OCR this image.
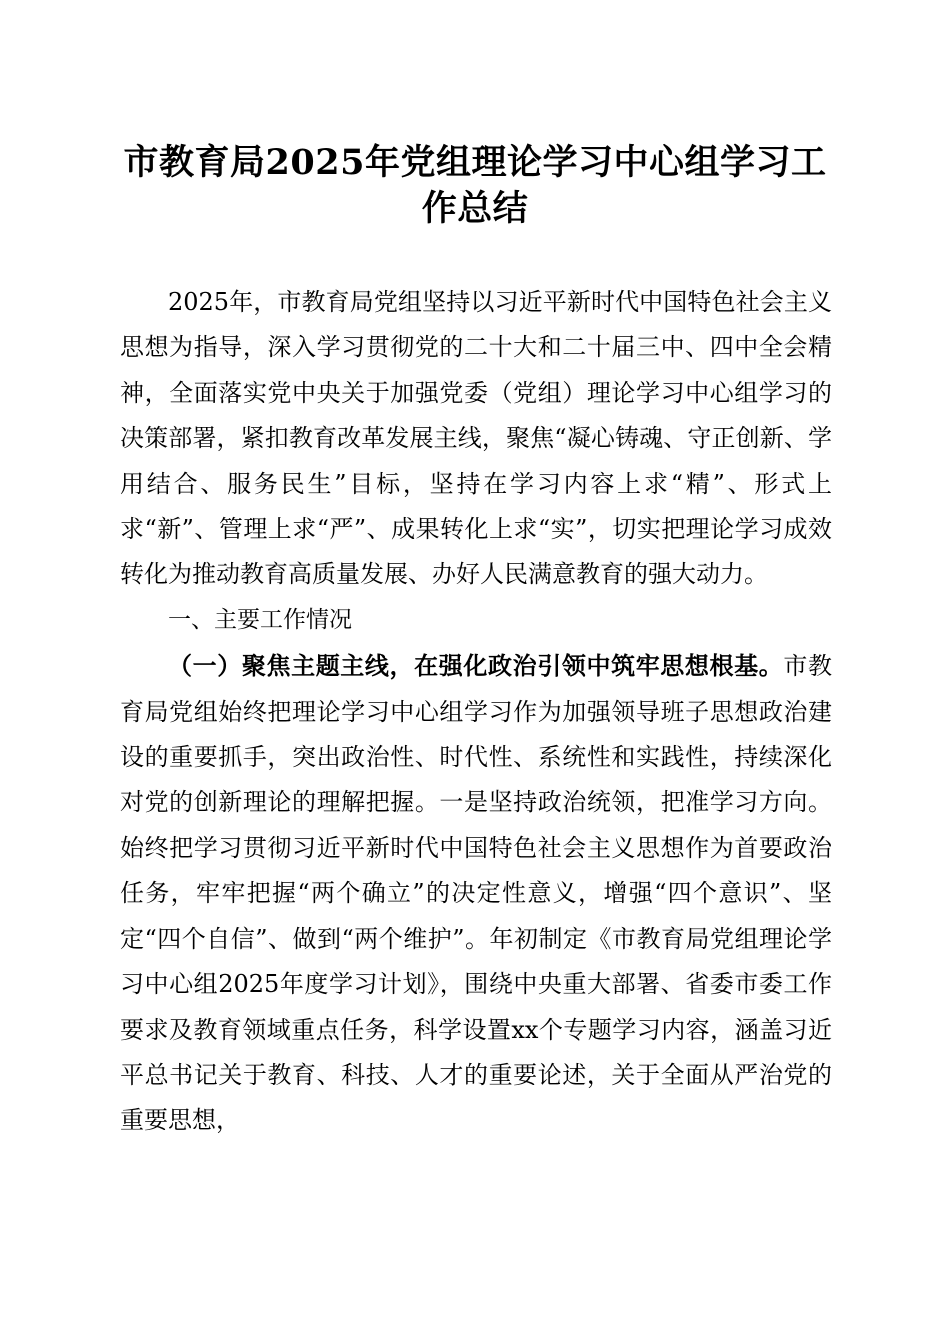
市教育局2025年党组理论学习中心组学习工作总结

2025年，市教育局党组坚持以习近平新时代中国特色社会主义思想为指导，深入学习贯彻党的二十大和二十届三中、四中全会精神，全面落实党中央关于加强党委（党组）理论学习中心组学习的决策部署，紧扣教育改革发展主线，聚焦“凝心铸魂、守正创新、学用结合、服务民生”目标，坚持在学习内容上求“精”、形式上求“新”、管理上求“严”、成果转化上求“实”，切实把理论学习成效转化为推动教育高质量发展、办好人民满意教育的强大动力。

一、主要工作情况

（一）聚焦主题主线，在强化政治引领中筑牢思想根基。市教育局党组始终把理论学习中心组学习作为加强领导班子思想政治建设的重要抓手，突出政治性、时代性、系统性和实践性，持续深化对党的创新理论的理解把握。一是坚持政治统领，把准学习方向。始终把学习贯彻习近平新时代中国特色社会主义思想作为首要政治任务，牢牢把握“两个确立”的决定性意义，增强“四个意识”、坚定“四个自信”、做到“两个维护”。年初制定《市教育局党组理论学习中心组2025年度学习计划》，围绕中央重大部署、省委市委工作要求及教育领域重点任务，科学设置xx个专题学习内容，涵盖习近平总书记关于教育、科技、人才的重要论述，关于全面从严治党的重要思想，
